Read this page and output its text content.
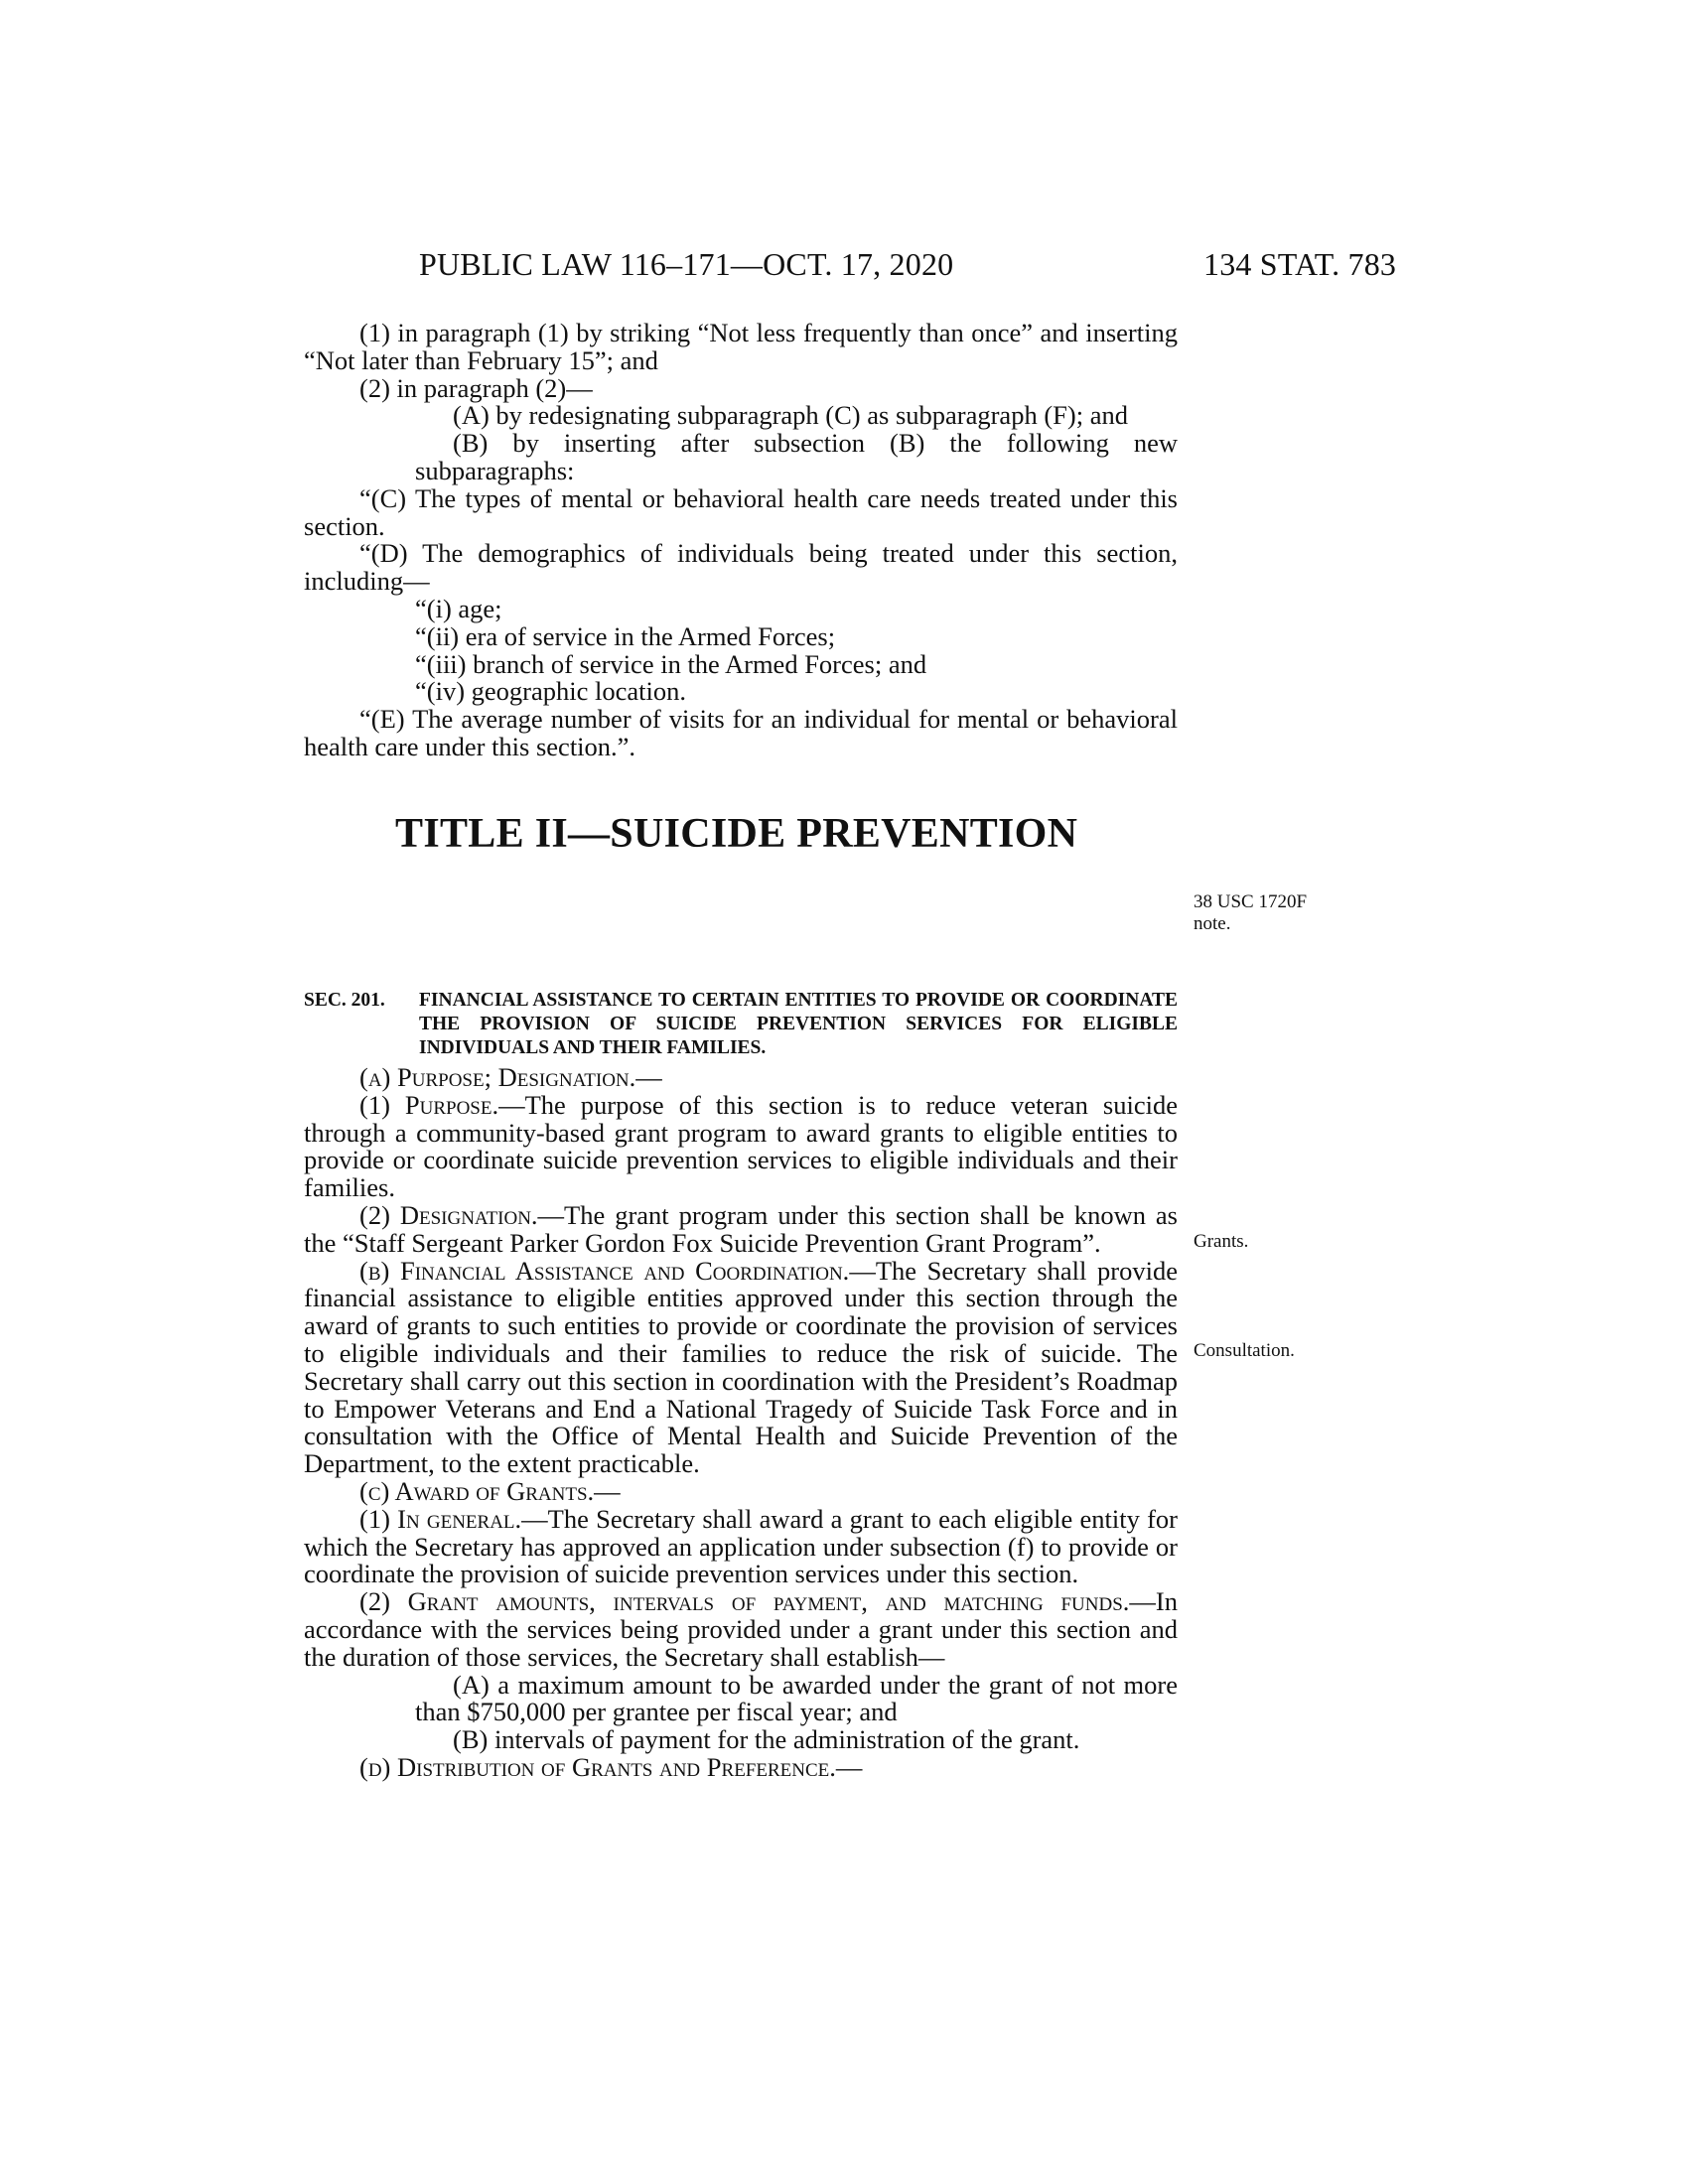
PUBLIC LAW 116–171—OCT. 17, 2020	134 STAT. 783

(1) in paragraph (1) by striking “Not less frequently than once” and inserting “Not later than February 15”; and

(2) in paragraph (2)—

(A) by redesignating subparagraph (C) as subparagraph (F); and

(B) by inserting after subsection (B) the following new subparagraphs:

“(C) The types of mental or behavioral health care needs treated under this section.

“(D) The demographics of individuals being treated under this section, including—

“(i) age;

“(ii) era of service in the Armed Forces;

“(iii) branch of service in the Armed Forces; and

“(iv) geographic location.

“(E) The average number of visits for an individual for mental or behavioral health care under this section.”.

TITLE II—SUICIDE PREVENTION
SEC. 201.	FINANCIAL ASSISTANCE TO CERTAIN ENTITIES TO PROVIDE OR COORDINATE THE PROVISION OF SUICIDE PREVENTION SERVICES FOR ELIGIBLE INDIVIDUALS AND THEIR FAMILIES.
38 USC 1720F
note.
Grants.
Consultation.

(a) Purpose; Designation.—

(1) Purpose.—The purpose of this section is to reduce veteran suicide through a community-based grant program to award grants to eligible entities to provide or coordinate suicide prevention services to eligible individuals and their families.

(2) Designation.—The grant program under this section shall be known as the “Staff Sergeant Parker Gordon Fox Suicide Prevention Grant Program”.

(b) Financial Assistance and Coordination.—The Secretary shall provide financial assistance to eligible entities approved under this section through the award of grants to such entities to provide or coordinate the provision of services to eligible individuals and their families to reduce the risk of suicide. The Secretary shall carry out this section in coordination with the President’s Roadmap to Empower Veterans and End a National Tragedy of Suicide Task Force and in consultation with the Office of Mental Health and Suicide Prevention of the Department, to the extent practicable.

(c) Award of Grants.—

(1) In general.—The Secretary shall award a grant to each eligible entity for which the Secretary has approved an application under subsection (f) to provide or coordinate the provision of suicide prevention services under this section.

(2) Grant amounts, intervals of payment, and matching funds.—In accordance with the services being provided under a grant under this section and the duration of those services, the Secretary shall establish—

(A) a maximum amount to be awarded under the grant of not more than $750,000 per grantee per fiscal year; and

(B) intervals of payment for the administration of the grant.

(d) Distribution of Grants and Preference.—
